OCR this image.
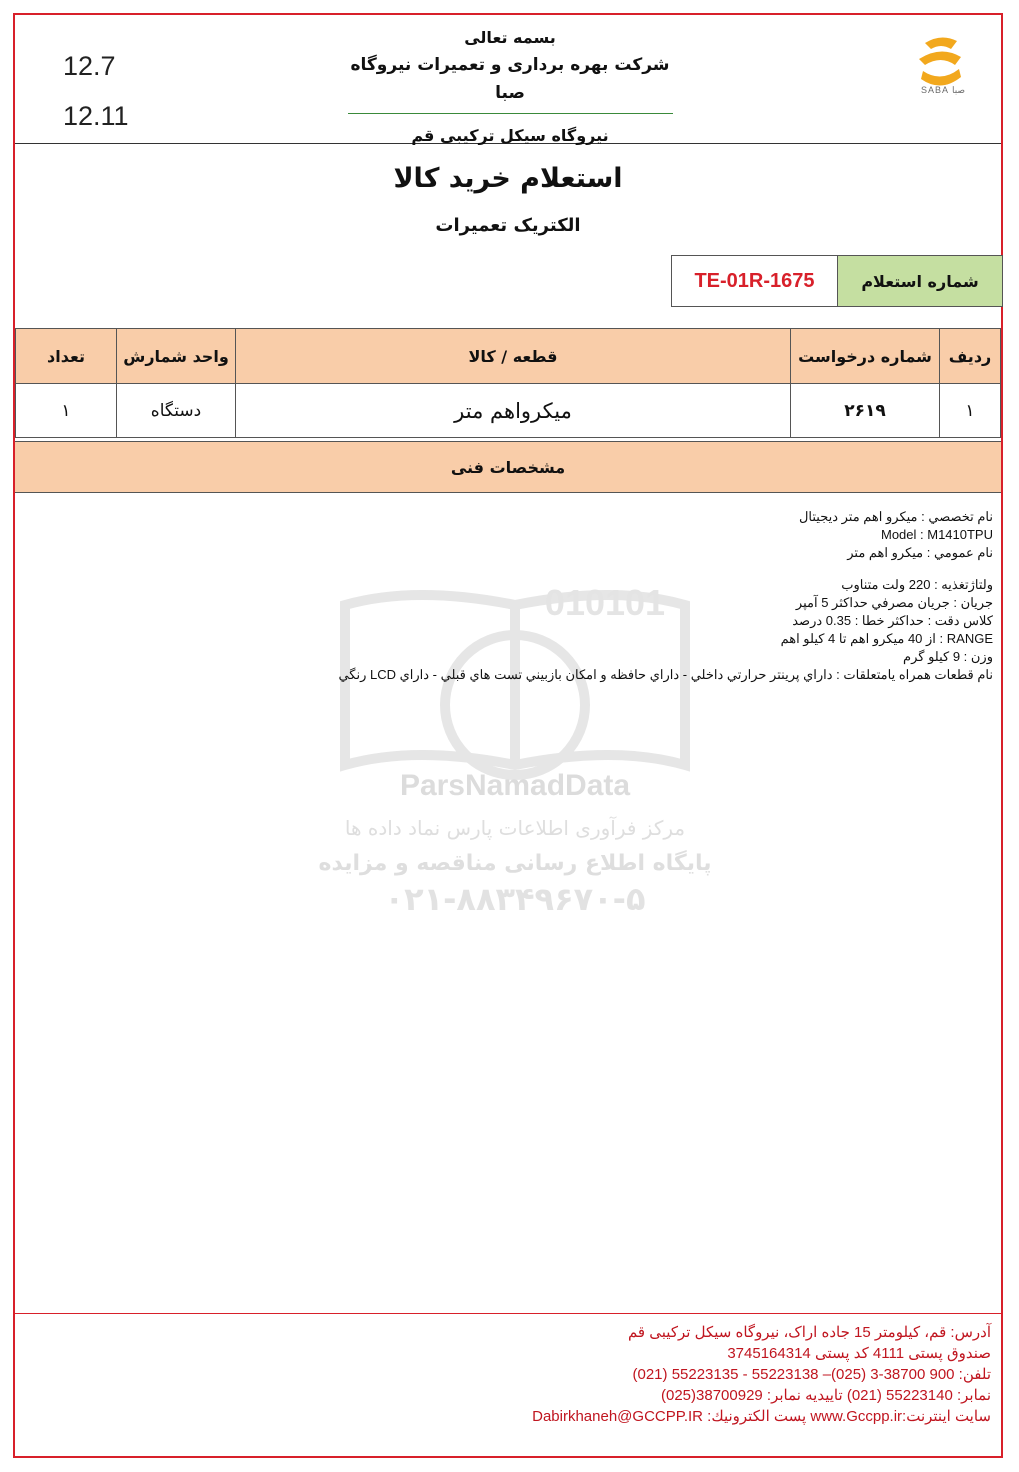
12.7
12.11
بسمه تعالی
شرکت بهره برداری و تعمیرات نیروگاه صبا
نیروگاه سیکل ترکیبی قم
SABA صبا
استعلام خرید کالا
الکتریک تعمیرات
شماره استعلام
TE-01R-1675
ردیف	شماره درخواست	قطعه / کالا	واحد شمارش	تعداد
۱	۲۶۱۹	میکرواهم متر	دستگاه	۱
مشخصات فنی
010101
ParsNamadData
مرکز فرآوری اطلاعات پارس نماد داده ها
پایگاه اطلاع رسانی مناقصه و مزایده
۰۲۱-۸۸۳۴۹۶۷۰-۵
نام تخصصي : ميکرو اهم متر ديجيتال
Model : M1410TPU
نام عمومي : ميکرو اهم متر
ولتاژتغذيه : 220 ولت متناوب
جريان : جريان مصرفي حداکثر 5 آمپر
کلاس دقت : حداکثر خطا : 0.35 درصد
RANGE : از 40 ميکرو اهم تا 4 کيلو اهم
وزن : 9 کيلو گرم
نام قطعات همراه يامتعلقات : داراي پرينتر حرارتي داخلي - داراي حافظه و امکان بازبيني تست هاي قبلي - داراي LCD رنگي
آدرس: قم، کیلومتر 15 جاده اراک، نیروگاه سیکل ترکیبی قم
صندوق پستی 4111 کد پستی 3745164314
تلفن: 900 38700-3 (025)– 55223138 - 55223135 (021)
نمابر: 55223140 (021) تاییدیه نمابر: 38700929(025)
سایت اینترنت:www.Gccpp.ir پست الکترونیك: Dabirkhaneh@GCCPP.IR
